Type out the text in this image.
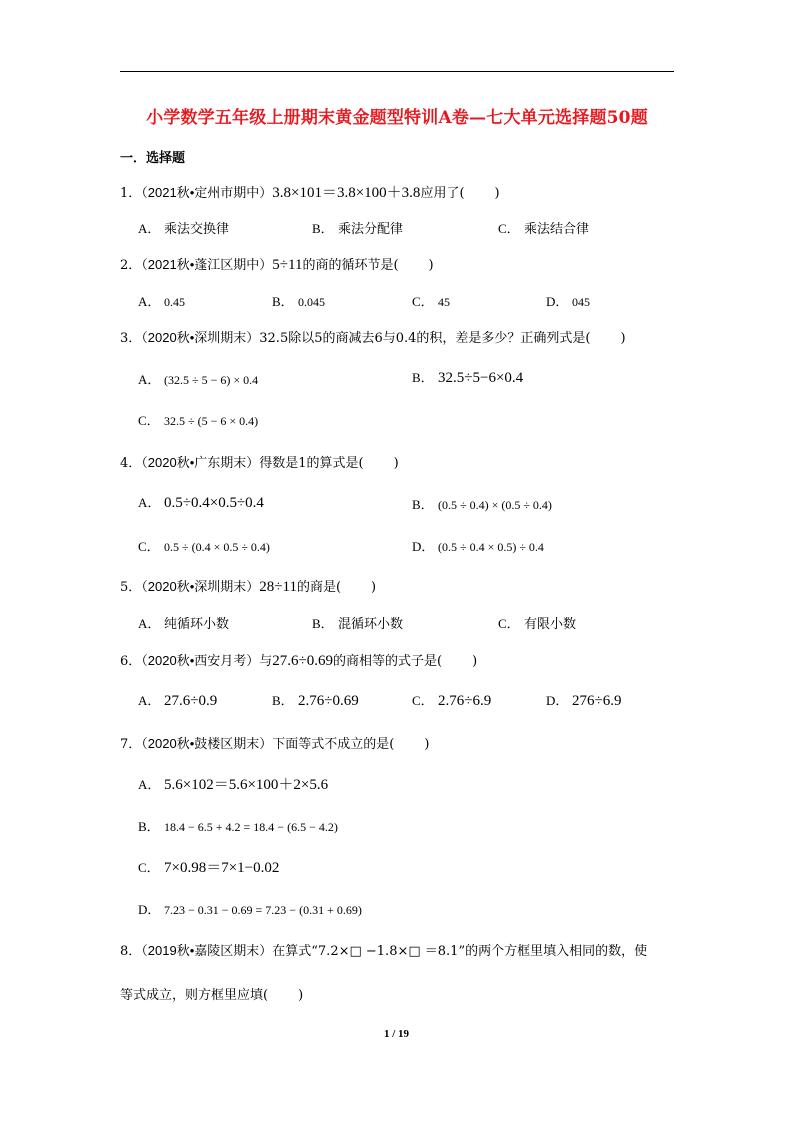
小学数学五年级上册期末黄金题型特训A卷—七大单元选择题50题
一．选择题
1．（2021秋•定州市期中）3.8×101＝3.8×100＋3.8应用了( )
A． 乘法交换律	B． 乘法分配律	C． 乘法结合律
2．（2021秋•蓬江区期中）5÷11的商的循环节是( )
A． 0.45	B． 0.045	C． 45	D． 045
3．（2020秋•深圳期末）32.5除以5的商减去6与0.4的积，差是多少？正确列式是( )
A． (32.5 ÷ 5 − 6) × 0.4	B． 32.5÷5−6×0.4
C． 32.5 ÷ (5 − 6 × 0.4)
4．（2020秋•广东期末）得数是1的算式是( )
A． 0.5÷0.4×0.5÷0.4	B． (0.5 ÷ 0.4) × (0.5 ÷ 0.4)
C． 0.5 ÷ (0.4 × 0.5 ÷ 0.4)	D． (0.5 ÷ 0.4 × 0.5) ÷ 0.4
5．（2020秋•深圳期末）28÷11的商是( )
A． 纯循环小数	B． 混循环小数	C． 有限小数
6．（2020秋•西安月考）与27.6÷0.69的商相等的式子是( )
A． 27.6÷0.9	B． 2.76÷0.69	C． 2.76÷6.9	D． 276÷6.9
7．（2020秋•鼓楼区期末）下面等式不成立的是( )
A． 5.6×102＝5.6×100＋2×5.6
B． 18.4 − 6.5 + 4.2 = 18.4 − (6.5 − 4.2)
C． 7×0.98＝7×1−0.02
D． 7.23 − 0.31 − 0.69 = 7.23 − (0.31 + 0.69)
8．（2019秋•嘉陵区期末）在算式“7.2×□ −1.8×□ ＝8.1”的两个方框里填入相同的数，使
等式成立，则方框里应填( )
1 / 19
